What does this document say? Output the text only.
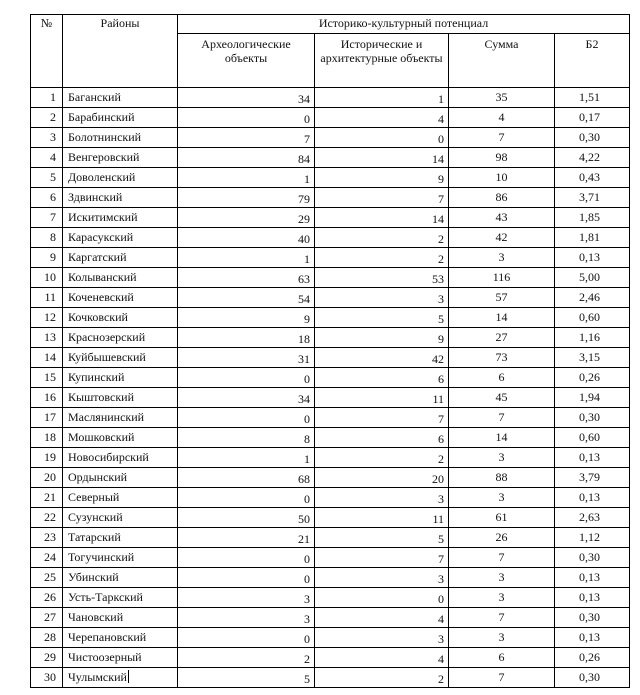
№	Районы	Историко-культурный потенциал			
		Археологические объекты	Исторические и архитектурные объекты	Сумма	Б2
1	Баганский	34	1	35	1,51
2	Барабинский	0	4	4	0,17
3	Болотнинский	7	0	7	0,30
4	Венгеровский	84	14	98	4,22
5	Доволенский	1	9	10	0,43
6	Здвинский	79	7	86	3,71
7	Искитимский	29	14	43	1,85
8	Карасукский	40	2	42	1,81
9	Каргатский	1	2	3	0,13
10	Колыванский	63	53	116	5,00
11	Коченевский	54	3	57	2,46
12	Кочковский	9	5	14	0,60
13	Краснозерский	18	9	27	1,16
14	Куйбышевский	31	42	73	3,15
15	Купинский	0	6	6	0,26
16	Кыштовский	34	11	45	1,94
17	Маслянинский	0	7	7	0,30
18	Мошковский	8	6	14	0,60
19	Новосибирский	1	2	3	0,13
20	Ордынский	68	20	88	3,79
21	Северный	0	3	3	0,13
22	Сузунский	50	11	61	2,63
23	Татарский	21	5	26	1,12
24	Тогучинский	0	7	7	0,30
25	Убинский	0	3	3	0,13
26	Усть-Таркский	3	0	3	0,13
27	Чановский	3	4	7	0,30
28	Черепановский	0	3	3	0,13
29	Чистоозерный	2	4	6	0,26
30	Чулымский	5	2	7	0,30
